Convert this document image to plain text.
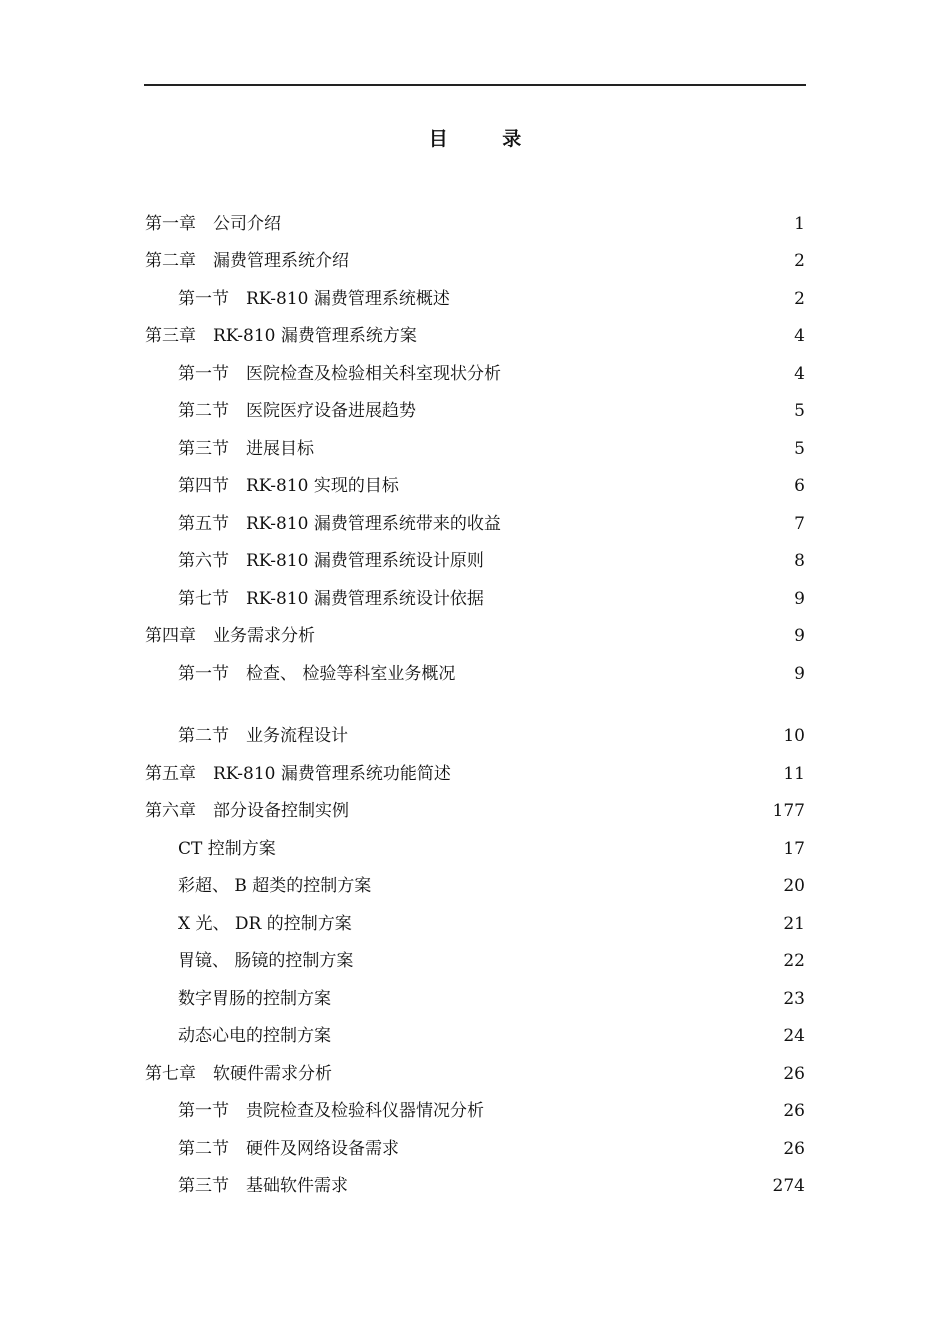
目 录
第一章　公司介绍	1
第二章　漏费管理系统介绍	2
第一节　RK-810 漏费管理系统概述	2
第三章　RK-810 漏费管理系统方案	4
第一节　医院检查及检验相关科室现状分析	4
第二节　医院医疗设备进展趋势	5
第三节　进展目标	5
第四节　RK-810 实现的目标	6
第五节　RK-810 漏费管理系统带来的收益	7
第六节　RK-810 漏费管理系统设计原则	8
第七节　RK-810 漏费管理系统设计依据	9
第四章　业务需求分析	9
第一节　检查、 检验等科室业务概况	9
第二节　业务流程设计	10
第五章　RK-810 漏费管理系统功能简述	11
第六章　部分设备控制实例	177
CT 控制方案	17
彩超、 B 超类的控制方案	20
X 光、 DR 的控制方案	21
胃镜、 肠镜的控制方案	22
数字胃肠的控制方案	23
动态心电的控制方案	24
第七章　软硬件需求分析	26
第一节　贵院检查及检验科仪器情况分析	26
第二节　硬件及网络设备需求	26
第三节　基础软件需求	274
